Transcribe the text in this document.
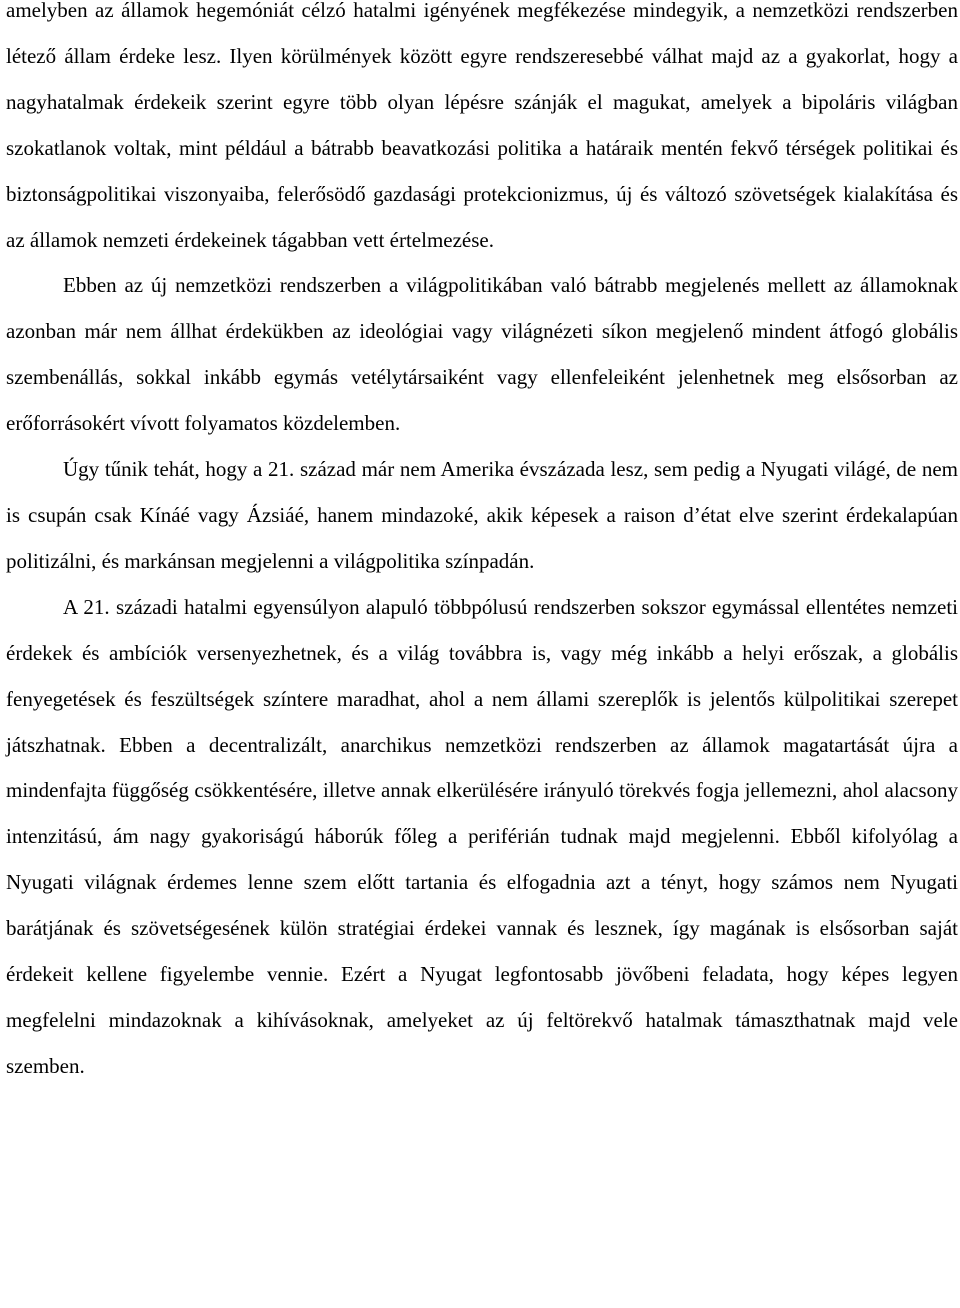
amelyben az államok hegemóniát célzó hatalmi igényének megfékezése mindegyik, a nemzetközi rendszerben létező állam érdeke lesz. Ilyen körülmények között egyre rendszeresebbé válhat majd az a gyakorlat, hogy a nagyhatalmak érdekeik szerint egyre több olyan lépésre szánják el magukat, amelyek a bipoláris világban szokatlanok voltak, mint például a bátrabb beavatkozási politika a határaik mentén fekvő térségek politikai és biztonságpolitikai viszonyaiba, felerősödő gazdasági protekcionizmus, új és változó szövetségek kialakítása és az államok nemzeti érdekeinek tágabban vett értelmezése.

Ebben az új nemzetközi rendszerben a világpolitikában való bátrabb megjelenés mellett az államoknak azonban már nem állhat érdekükben az ideológiai vagy világnézeti síkon megjelenő mindent átfogó globális szembenállás, sokkal inkább egymás vetélytársaiként vagy ellenfeleiként jelenhetnek meg elsősorban az erőforrásokért vívott folyamatos közdelemben.

Úgy tűnik tehát, hogy a 21. század már nem Amerika évszázada lesz, sem pedig a Nyugati világé, de nem is csupán csak Kínáé vagy Ázsiáé, hanem mindazoké, akik képesek a raison d’état elve szerint érdekalapúan politizálni, és markánsan megjelenni a világpolitika színpadán.

A 21. századi hatalmi egyensúlyon alapuló többpólusú rendszerben sokszor egymással ellentétes nemzeti érdekek és ambíciók versenyezhetnek, és a világ továbbra is, vagy még inkább a helyi erőszak, a globális fenyegetések és feszültségek színtere maradhat, ahol a nem állami szereplők is jelentős külpolitikai szerepet játszhatnak. Ebben a decentralizált, anarchikus nemzetközi rendszerben az államok magatartását újra a mindenfajta függőség csökkentésére, illetve annak elkerülésére irányuló törekvés fogja jellemezni, ahol alacsony intenzitású, ám nagy gyakoriságú háborúk főleg a periférián tudnak majd megjelenni. Ebből kifolyólag a Nyugati világnak érdemes lenne szem előtt tartania és elfogadnia azt a tényt, hogy számos nem Nyugati barátjának és szövetségesének külön stratégiai érdekei vannak és lesznek, így magának is elsősorban saját érdekeit kellene figyelembe vennie. Ezért a Nyugat legfontosabb jövőbeni feladata, hogy képes legyen megfelelni mindazoknak a kihívásoknak, amelyeket az új feltörekvő hatalmak támaszthatnak majd vele szemben.
